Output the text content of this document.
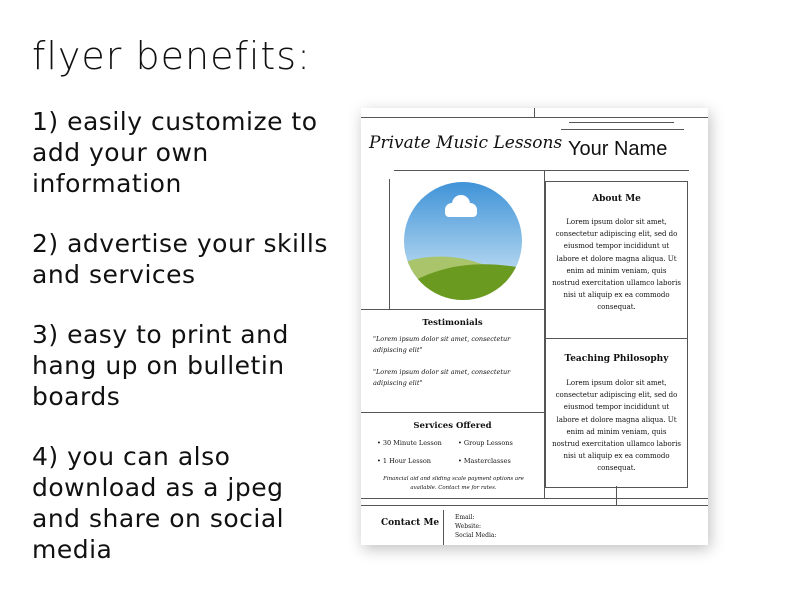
flyer benefits:
1) easily customize to add your own information
2) advertise your skills and services
3) easy to print and hang up on bulletin boards
4) you can also download as a jpeg and share on social media
Private Music Lessons Your Name
About Me
Lorem ipsum dolor sit amet, consectetur adipiscing elit, sed do eiusmod tempor incididunt ut labore et dolore magna aliqua. Ut enim ad minim veniam, quis nostrud exercitation ullamco laboris nisi ut aliquip ex ea commodo consequat.
Teaching Philosophy
Lorem ipsum dolor sit amet, consectetur adipiscing elit, sed do eiusmod tempor incididunt ut labore et dolore magna aliqua. Ut enim ad minim veniam, quis nostrud exercitation ullamco laboris nisi ut aliquip ex ea commodo consequat.
Testimonials
"Lorem ipsum dolor sit amet, consectetur adipiscing elit"
"Lorem ipsum dolor sit amet, consectetur adipiscing elit"
Services Offered
• 30 Minute Lesson • Group Lessons
• 1 Hour Lesson	• Masterclasses
Financial aid and sliding scale payment options are available. Contact me for rates.
Contact Me
Email:
Website:
Social Media:
